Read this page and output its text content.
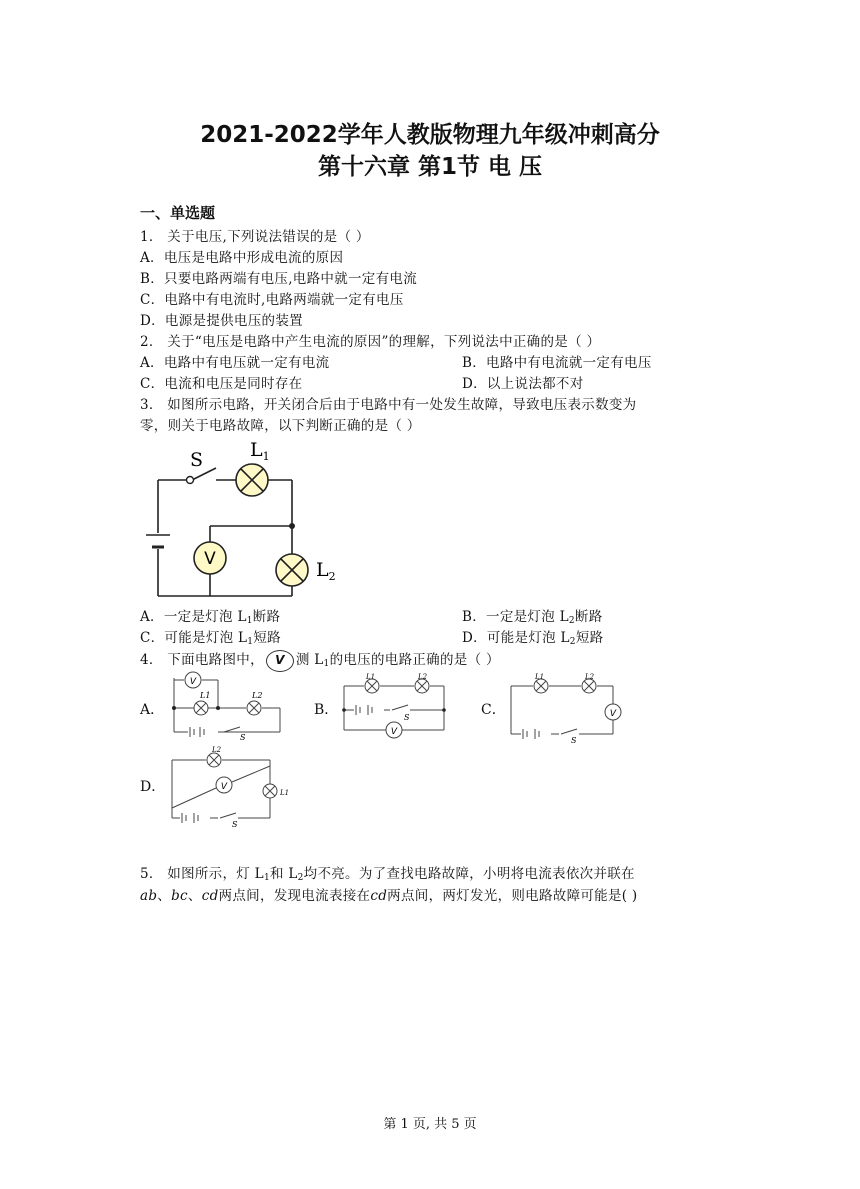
2021-2022学年人教版物理九年级冲刺高分
第十六章 第1节 电 压
一、单选题
1． 关于电压,下列说法错误的是（ ）
A．电压是电路中形成电流的原因
B．只要电路两端有电压,电路中就一定有电流
C．电路中有电流时,电路两端就一定有电压
D．电源是提供电压的装置
2． 关于“电压是电路中产生电流的原因”的理解，下列说法中正确的是（ ）
A．电路中有电压就一定有电流	B．电路中有电流就一定有电压
C．电流和电压是同时存在	D．以上说法都不对
3． 如图所示电路，开关闭合后由于电路中有一处发生故障，导致电压表示数变为
零，则关于电路故障，以下判断正确的是（ ）
V
S $L_1$
$L_2$
A．一定是灯泡 $L_1$断路	B．一定是灯泡 $L_2$断路
C．可能是灯泡 $L_1$短路	D．可能是灯泡 $L_2$短路
4． 下面电路图中， V 测 $L_1$的电压的电路正确的是（ ）
A．	B．	C．
D．
V
L1	L2
S
L1	L2
S
V
L1	L2
V
S
L2
V
L1
S
5． 如图所示，灯 $L_1$和 $L_2$均不亮。为了查找电路故障，小明将电流表依次并联在
ab、bc、cd两点间，发现电流表接在cd两点间，两灯发光，则电路故障可能是( )
第 1 页, 共 5 页
